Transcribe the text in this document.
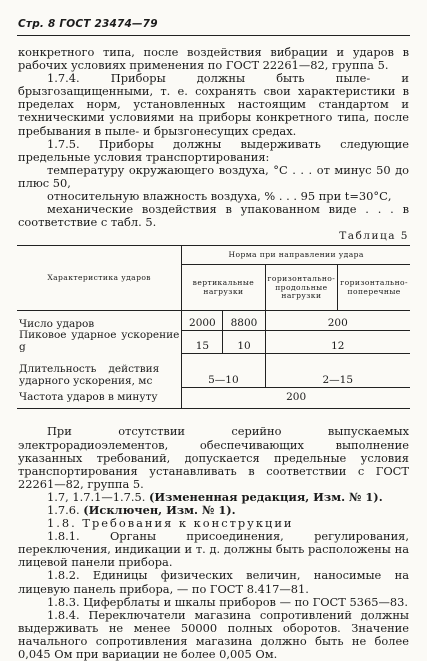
Стр. 8 ГОСТ 23474—79

конкретного типа, после воздействия вибрации и ударов в рабочих условиях применения по ГОСТ 22261—82, группа 5.

1.7.4. Приборы должны быть пыле- и брызгозащищенными, т. е. сохранять свои характеристики в пределах норм, установленных настоящим стандартом и техническими условиями на приборы конкретного типа, после пребывания в пыле- и брызгонесущих средах.

1.7.5. Приборы должны выдерживать следующие предельные условия транспортирования:

температуру окружающего воздуха, °С . . . от минус 50 до плюс 50,

относительную влажность воздуха, % . . . 95 при t=30°С,

механические воздействия в упакованном виде . . . в соответствие с табл. 5.

Таблица 5
Характеристика ударов	Норма при направлении удара			
	вертикальные нагрузки		горизонтально-продольные нагрузки	горизонтально-поперечные
Число ударов	2000	8800	200	
Пиковое ударное ускорение g	15	10	12	
Длительность действия ударного ускорения, мс	5—10		2—15	
Частота ударов в минуту	200			

При отсутствии серийно выпускаемых электрорадиоэлементов, обеспечивающих выполнение указанных требований, допускается предельные условия транспортирования устанавливать в соответствии с ГОСТ 22261—82, группа 5.

1.7, 1.7.1—1.7.5. (Измененная редакция, Изм. № 1).

1.7.6. (Исключен, Изм. № 1).

1.8. Требования к конструкции

1.8.1. Органы присоединения, регулирования, переключения, индикации и т. д. должны быть расположены на лицевой панели прибора.

1.8.2. Единицы физических величин, наносимые на лицевую панель прибора, — по ГОСТ 8.417—81.

1.8.3. Циферблаты и шкалы приборов — по ГОСТ 5365—83.

1.8.4. Переключатели магазина сопротивлений должны выдерживать не менее 50000 полных оборотов. Значение начального сопротивления магазина должно быть не более 0,045 Ом при вариации не более 0,005 Ом.
